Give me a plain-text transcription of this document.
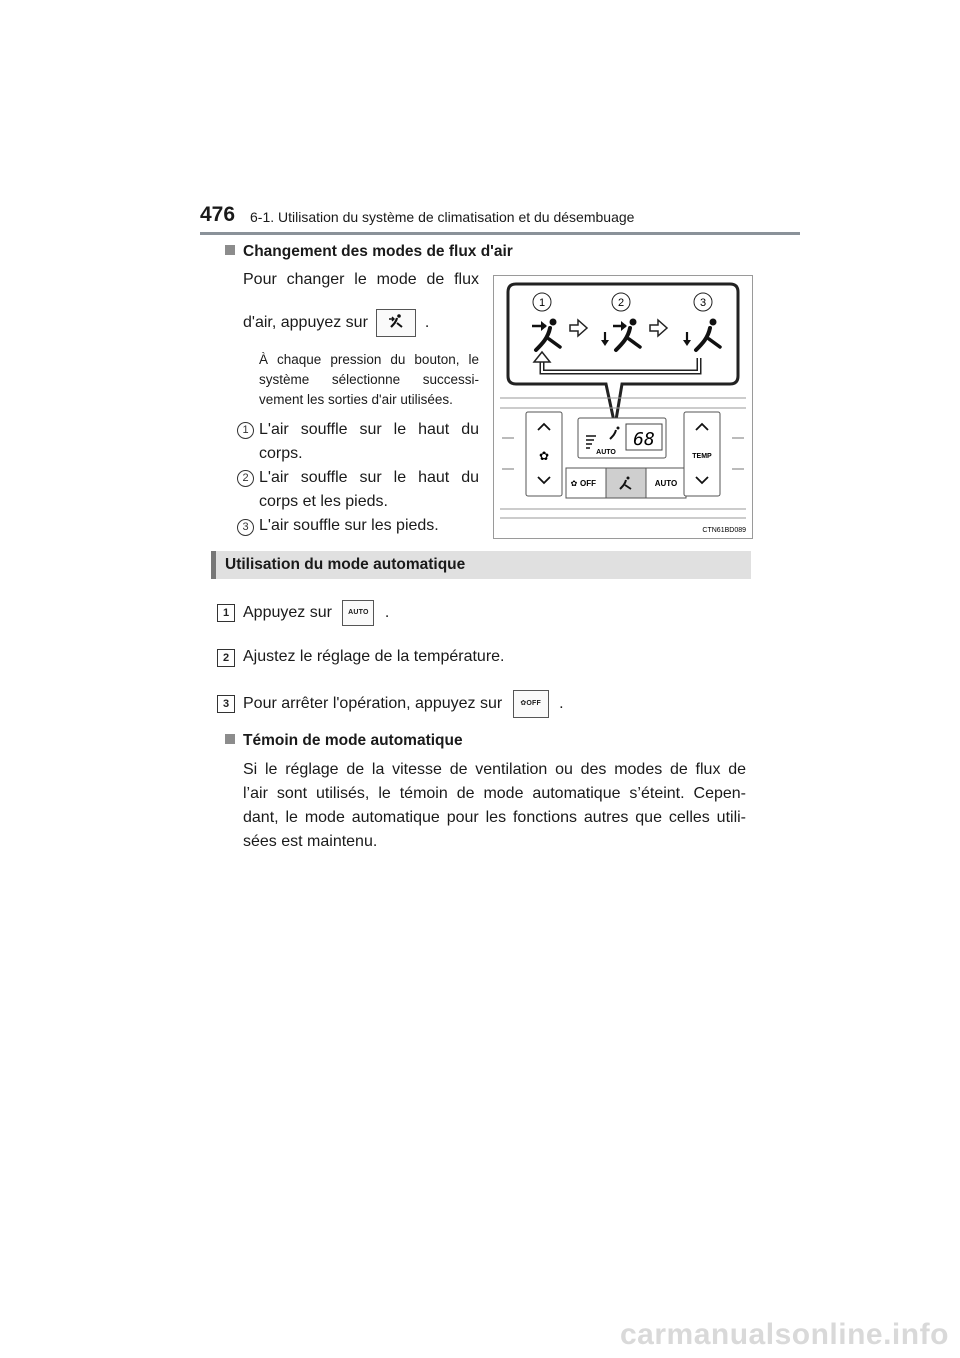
476 6-1. Utilisation du système de climatisation et du désembuage
Changement des modes de flux d'air
Pour changer le mode de flux
d'air, appuyez sur	.
À chaque pression du bouton, le
système sélectionne successi-
vement les sorties d'air utilisées.
1 L'air souffle sur le haut du
corps.
2 L'air souffle sur le haut du
corps et les pieds.
3 L'air souffle sur les pieds.
1	2	3
✿
68
AUTO
OFF
✿	AUTO
TEMP
CTN61BD089
Utilisation du mode automatique
1 Appuyez sur	AUTO .
2 Ajustez le réglage de la température.
3 Pour arrêter l'opération, appuyez sur	✿OFF	.
Témoin de mode automatique
Si le réglage de la vitesse de ventilation ou des modes de flux de
l’air sont utilisés, le témoin de mode automatique s’éteint. Cepen-
dant, le mode automatique pour les fonctions autres que celles utili-
sées est maintenu.
carmanualsonline.info
